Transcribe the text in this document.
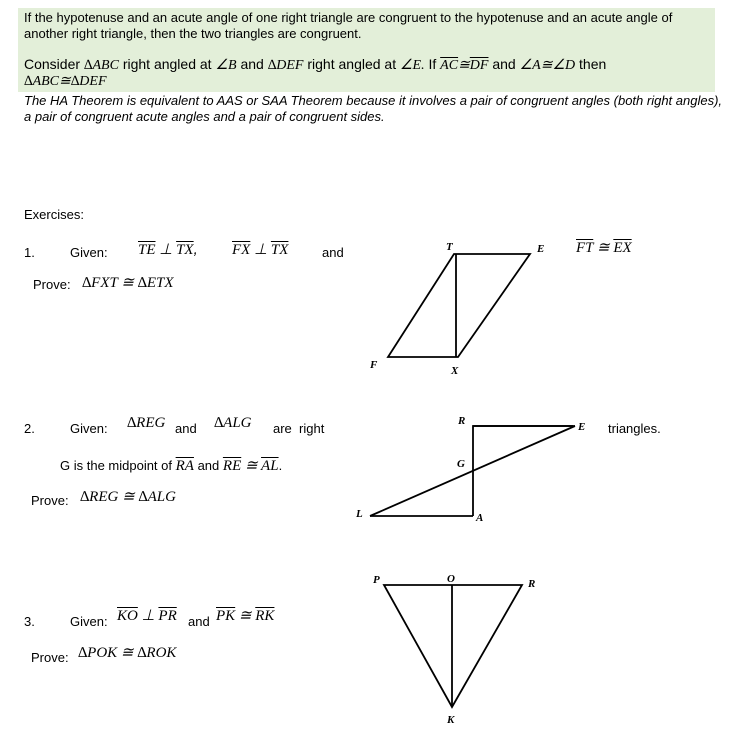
If the hypotenuse and an acute angle of one right triangle are congruent to the hypotenuse and an acute angle of another right triangle, then the two triangles are congruent.
Consider ∆ABC right angled at ∠B and ∆DEF right angled at ∠E. If $\overline{AC}≅\overline{DF}$ and ∠A≅∠D then
∆ABC≅∆DEF
The HA Theorem is equivalent to AAS or SAA Theorem because it involves a pair of congruent angles (both right angles), a pair of congruent acute angles and a pair of congruent sides.
Exercises:
1.	Given: $\overline{TE}$ ⊥ $\overline{TX}$, $\overline{FX}$ ⊥ $\overline{TX}$	and	$\overline{FT}$ ≅ $\overline{EX}$
Prove: ∆FXT ≅ ∆ETX
T	E
F	X
R	E
G
L	A
P	O	R
K
2.	Given: ∆REG and ∆ALG are  right	triangles.
G is the midpoint of $\overline{RA}$ and $\overline{RE}$ ≅ $\overline{AL}$.
Prove: ∆REG ≅ ∆ALG
3.	Given: $\overline{KO}$ ⊥ $\overline{PR}$ and $\overline{PK}$ ≅ $\overline{RK}$
Prove: ∆POK ≅ ∆ROK
